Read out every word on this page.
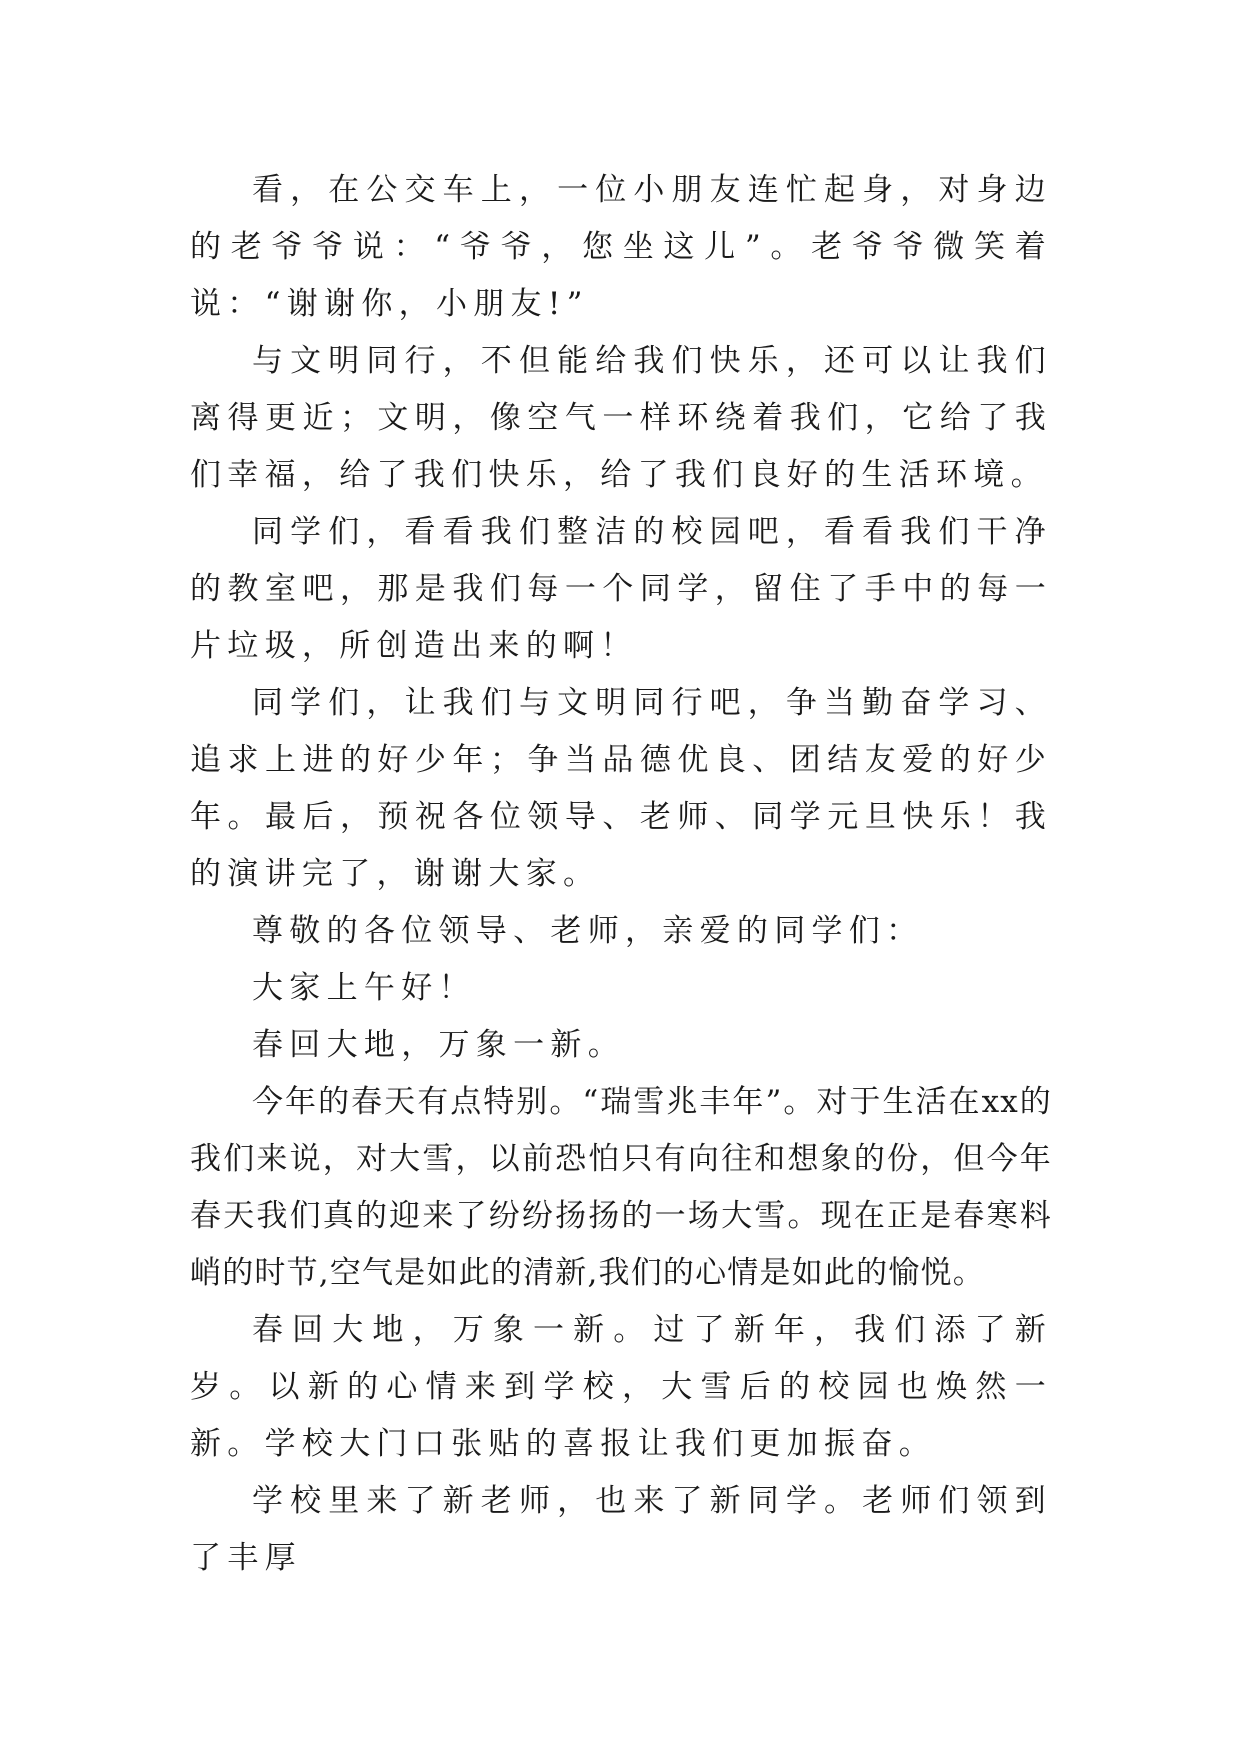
看，在公交车上，一位小朋友连忙起身，对身边的老爷爷说：“爷爷，您坐这儿”。老爷爷微笑着说：“谢谢你，小朋友!”

与文明同行，不但能给我们快乐，还可以让我们离得更近；文明，像空气一样环绕着我们，它给了我们幸福，给了我们快乐，给了我们良好的生活环境。

同学们，看看我们整洁的校园吧，看看我们干净的教室吧，那是我们每一个同学，留住了手中的每一片垃圾，所创造出来的啊！

同学们，让我们与文明同行吧，争当勤奋学习、追求上进的好少年；争当品德优良、团结友爱的好少年。最后，预祝各位领导、老师、同学元旦快乐！我的演讲完了，谢谢大家。

尊敬的各位领导、老师，亲爱的同学们：

大家上午好！

春回大地，万象一新。

今年的春天有点特别。“瑞雪兆丰年”。对于生活在xx的我们来说，对大雪，以前恐怕只有向往和想象的份，但今年春天我们真的迎来了纷纷扬扬的一场大雪。现在正是春寒料峭的时节,空气是如此的清新,我们的心情是如此的愉悦。

春回大地，万象一新。过了新年，我们添了新岁。以新的心情来到学校，大雪后的校园也焕然一新。学校大门口张贴的喜报让我们更加振奋。

学校里来了新老师，也来了新同学。老师们领到了丰厚
